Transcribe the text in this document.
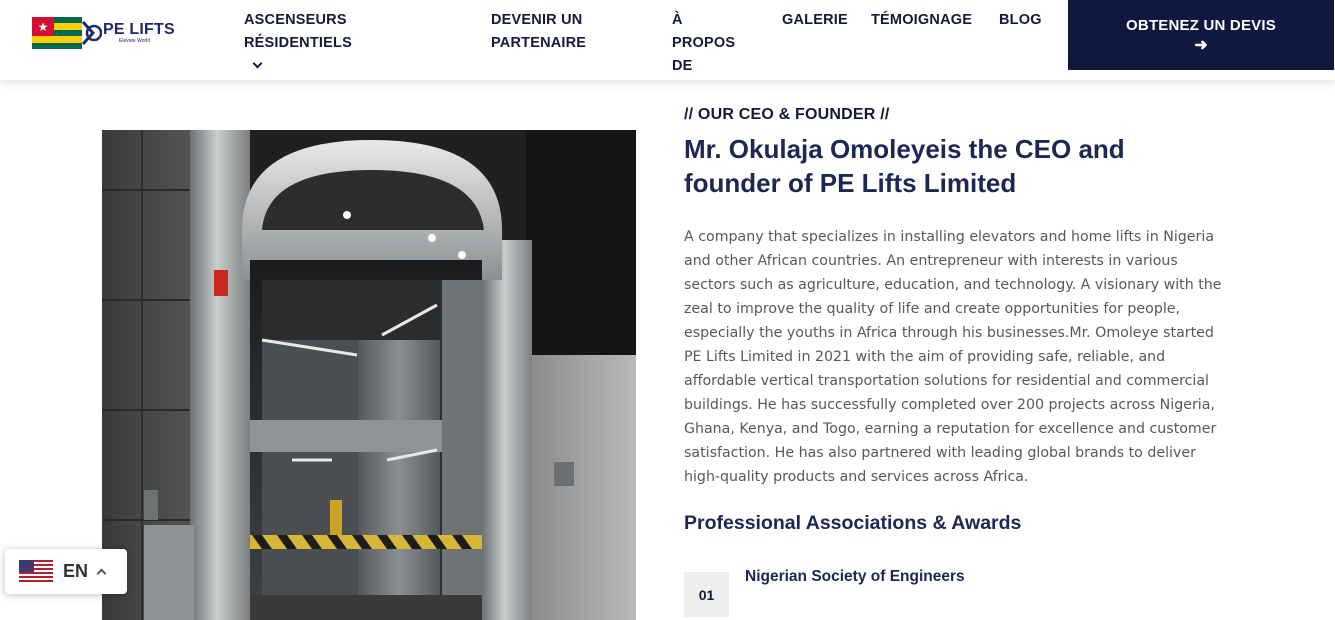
★	PE LIFTS
Elevate World
ASCENSEURS RÉSIDENTIELS
DEVENIR UN
PARTENAIRE
À PROPOS
DE
GALERIE TÉMOIGNAGE BLOG	OBTENEZ UN DEVIS
➜
// OUR CEO & FOUNDER //
Mr. Okulaja Omoleyeis the CEO and founder of PE Lifts Limited

A company that specializes in installing elevators and home lifts in Nigeria and other African countries. An entrepreneur with interests in various sectors such as agriculture, education, and technology. A visionary with the zeal to improve the quality of life and create opportunities for people, especially the youths in Africa through his businesses.Mr. Omoleye started PE Lifts Limited in 2021 with the aim of providing safe, reliable, and affordable vertical transportation solutions for residential and commercial buildings. He has successfully completed over 200 projects across Nigeria, Ghana, Kenya, and Togo, earning a reputation for excellence and customer satisfaction. He has also partnered with leading global brands to deliver high-quality products and services across Africa.

Professional Associations & Awards
01
Nigerian Society of Engineers
EN
